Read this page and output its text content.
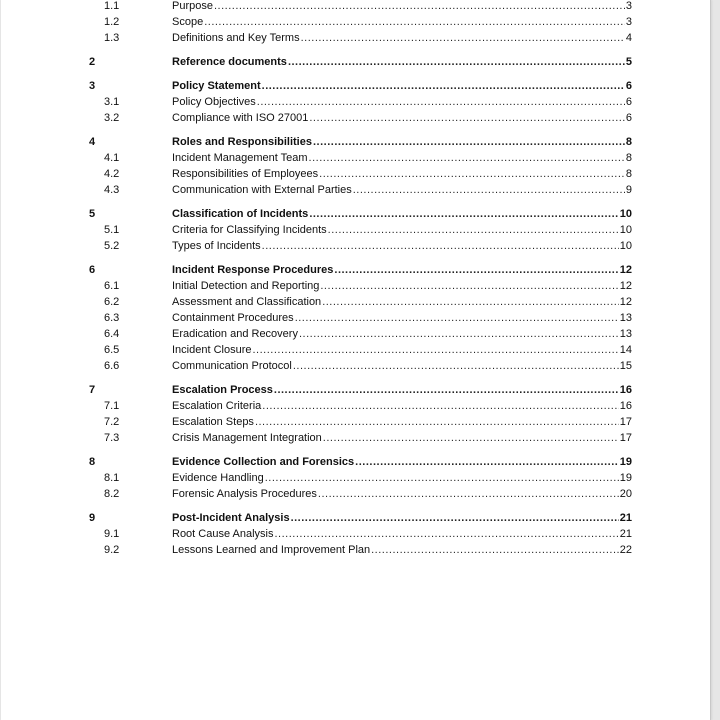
1.1	Purpose .....	3
1.2	Scope .....	3
1.3	Definitions and Key Terms .....	4
2	Reference documents .....	5
3	Policy Statement .....	6
3.1	Policy Objectives .....	6
3.2	Compliance with ISO 27001 .....	6
4	Roles and Responsibilities .....	8
4.1	Incident Management Team .....	8
4.2	Responsibilities of Employees .....	8
4.3	Communication with External Parties .....	9
5	Classification of Incidents .....	10
5.1	Criteria for Classifying Incidents .....	10
5.2	Types of Incidents .....	10
6	Incident Response Procedures .....	12
6.1	Initial Detection and Reporting .....	12
6.2	Assessment and Classification .....	12
6.3	Containment Procedures .....	13
6.4	Eradication and Recovery .....	13
6.5	Incident Closure .....	14
6.6	Communication Protocol .....	15
7	Escalation Process .....	16
7.1	Escalation Criteria .....	16
7.2	Escalation Steps .....	17
7.3	Crisis Management Integration .....	17
8	Evidence Collection and Forensics .....	19
8.1	Evidence Handling .....	19
8.2	Forensic Analysis Procedures .....	20
9	Post-Incident Analysis .....	21
9.1	Root Cause Analysis .....	21
9.2	Lessons Learned and Improvement Plan .....	22
